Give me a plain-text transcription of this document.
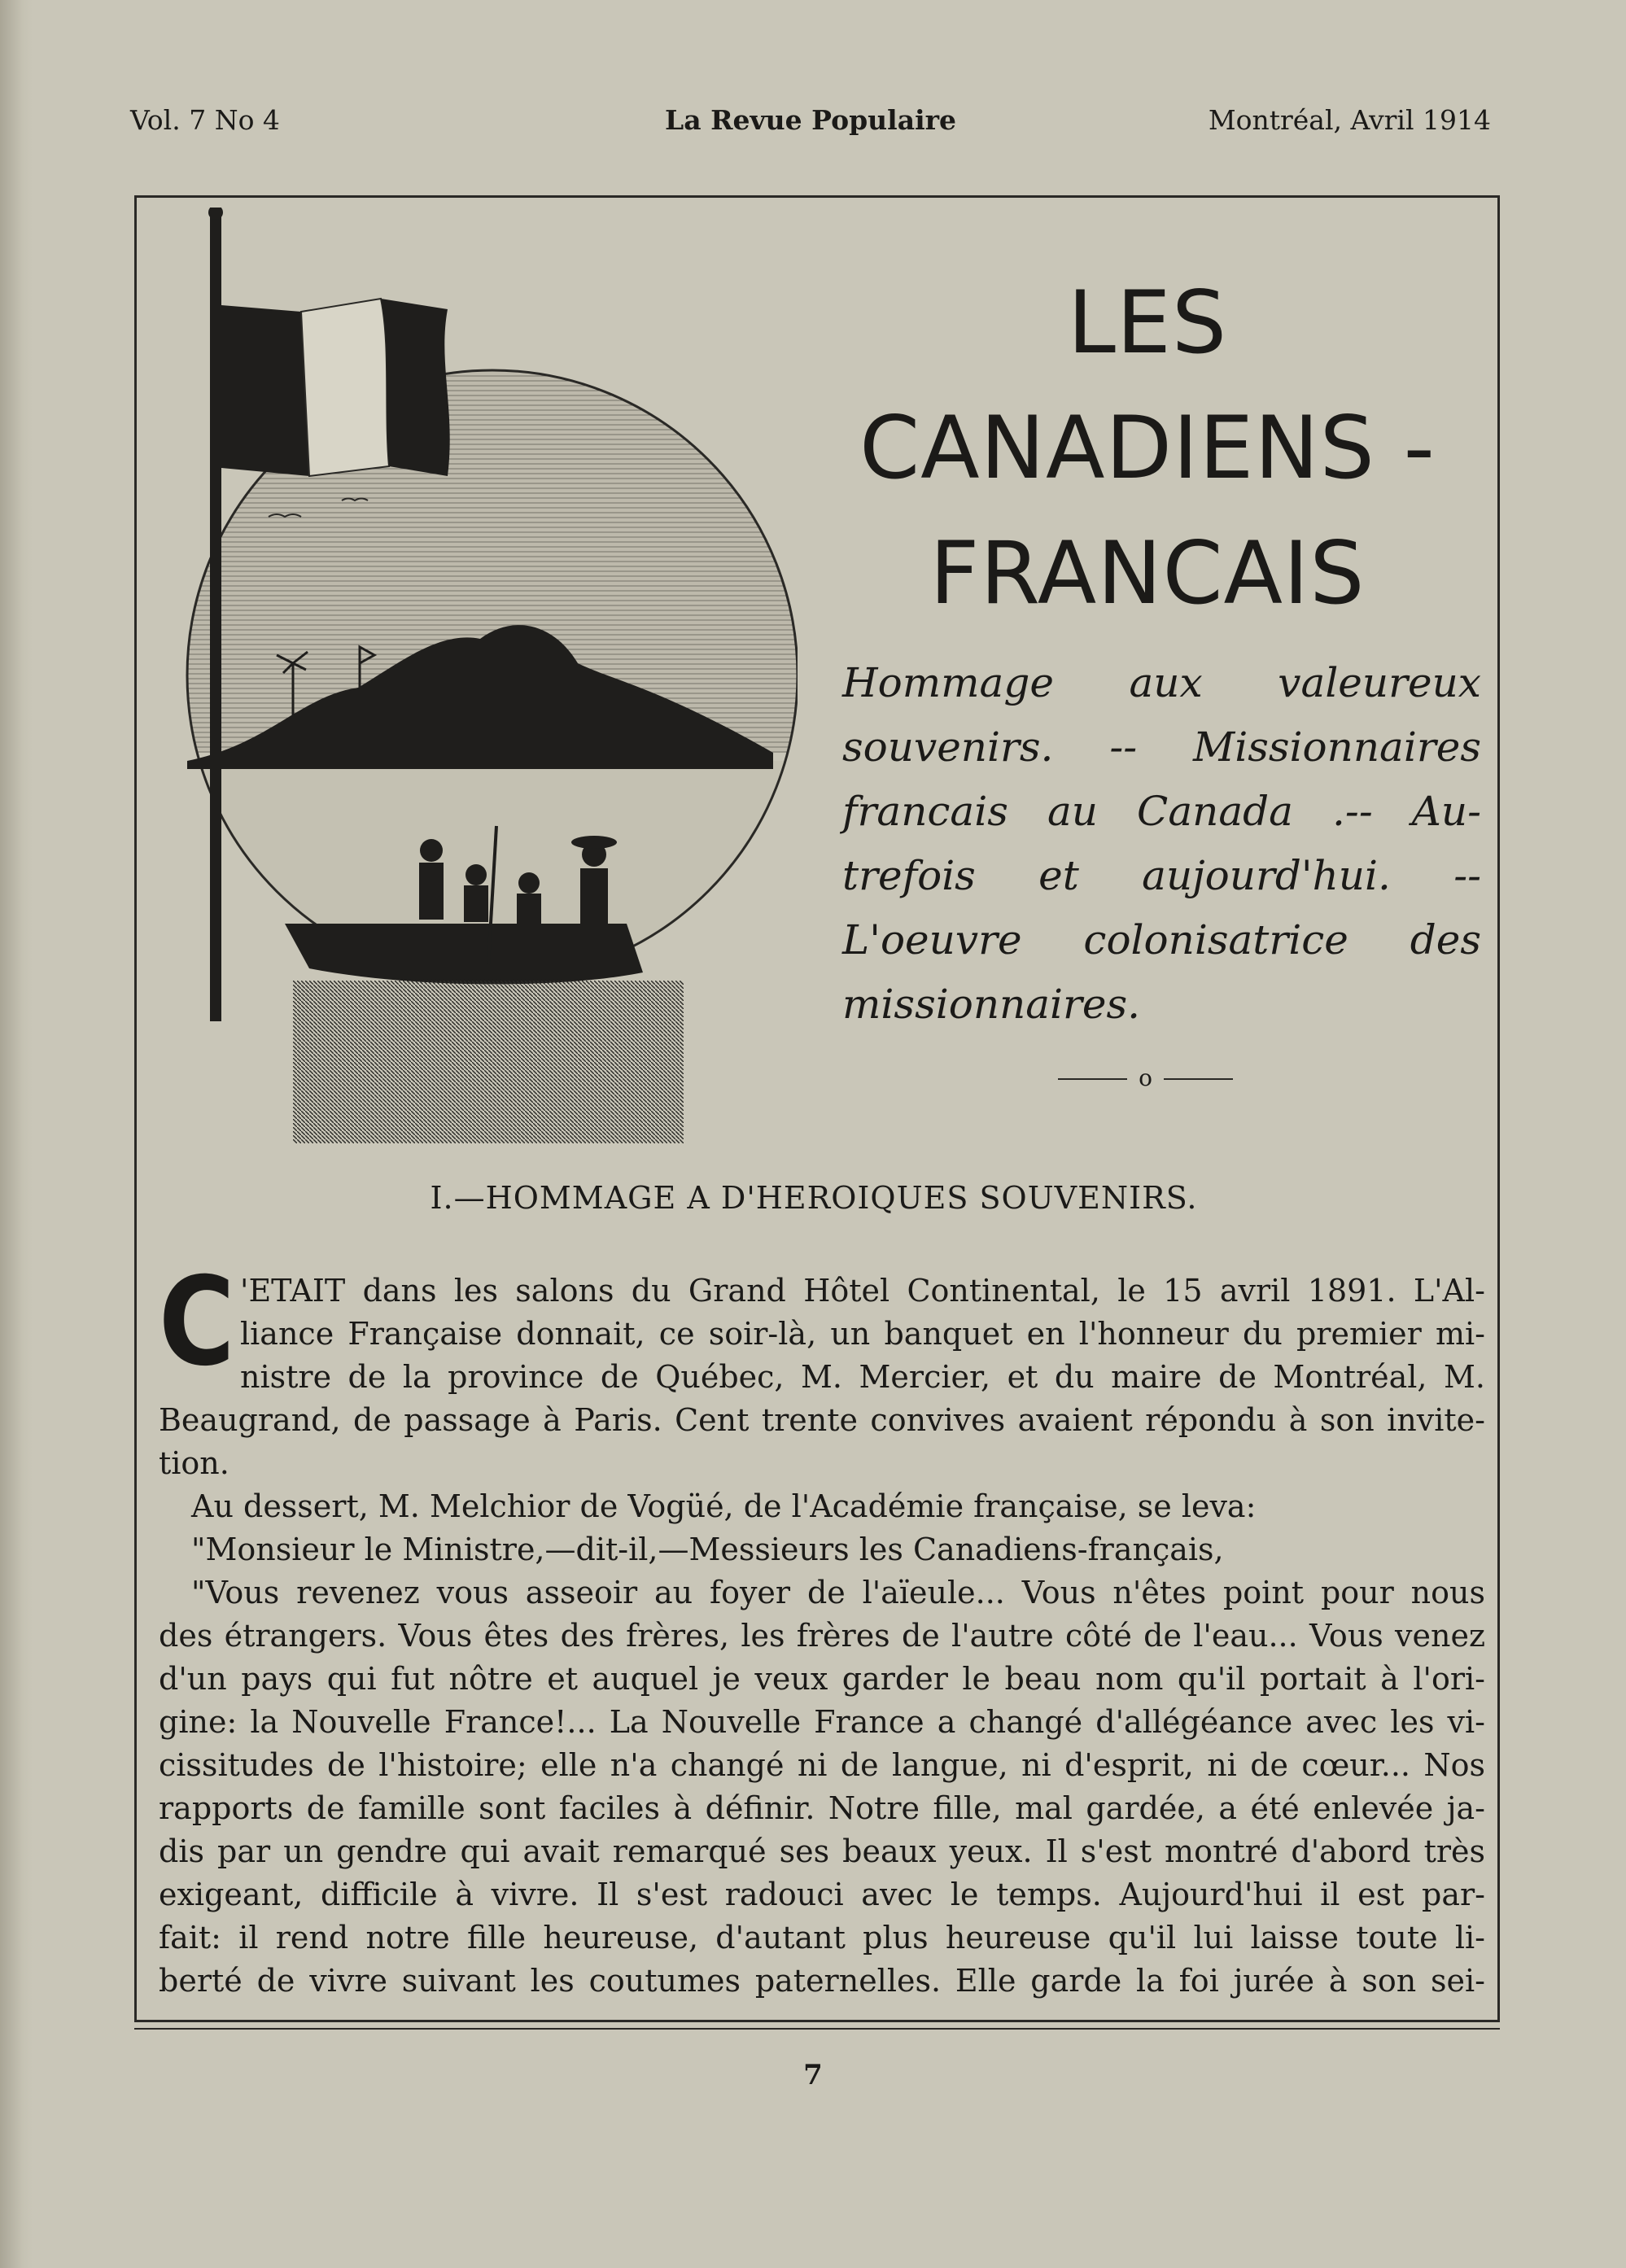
Vol. 7 No 4	La Revue Populaire	Montréal, Avril 1914
LES
CANADIENS -
FRANCAIS
Hommage aux valeureux
souvenirs. -- Missionnaires
francais au Canada .-- Au-
trefois et aujourd'hui. --
L'oeuvre colonisatrice des
missionnaires.
o
I.—HOMMAGE A D'HEROIQUES SOUVENIRS.
C 'ETAIT dans les salons du Grand Hôtel Continental, le 15 avril 1891. L'Al-
liance Française donnait, ce soir-là, un banquet en l'honneur du premier mi-
nistre de la province de Québec, M. Mercier, et du maire de Montréal, M.
Beaugrand, de passage à Paris. Cent trente convives avaient répondu à son invite-
tion.
Au dessert, M. Melchior de Vogüé, de l'Académie française, se leva:
"Monsieur le Ministre,—dit-il,—Messieurs les Canadiens-français,
"Vous revenez vous asseoir au foyer de l'aïeule... Vous n'êtes point pour nous
des étrangers. Vous êtes des frères, les frères de l'autre côté de l'eau... Vous venez
d'un pays qui fut nôtre et auquel je veux garder le beau nom qu'il portait à l'ori-
gine: la Nouvelle France!... La Nouvelle France a changé d'allégéance avec les vi-
cissitudes de l'histoire; elle n'a changé ni de langue, ni d'esprit, ni de cœur... Nos
rapports de famille sont faciles à définir. Notre fille, mal gardée, a été enlevée ja-
dis par un gendre qui avait remarqué ses beaux yeux. Il s'est montré d'abord très
exigeant, difficile à vivre. Il s'est radouci avec le temps. Aujourd'hui il est par-
fait: il rend notre fille heureuse, d'autant plus heureuse qu'il lui laisse toute li-
berté de vivre suivant les coutumes paternelles. Elle garde la foi jurée à son sei-
7
